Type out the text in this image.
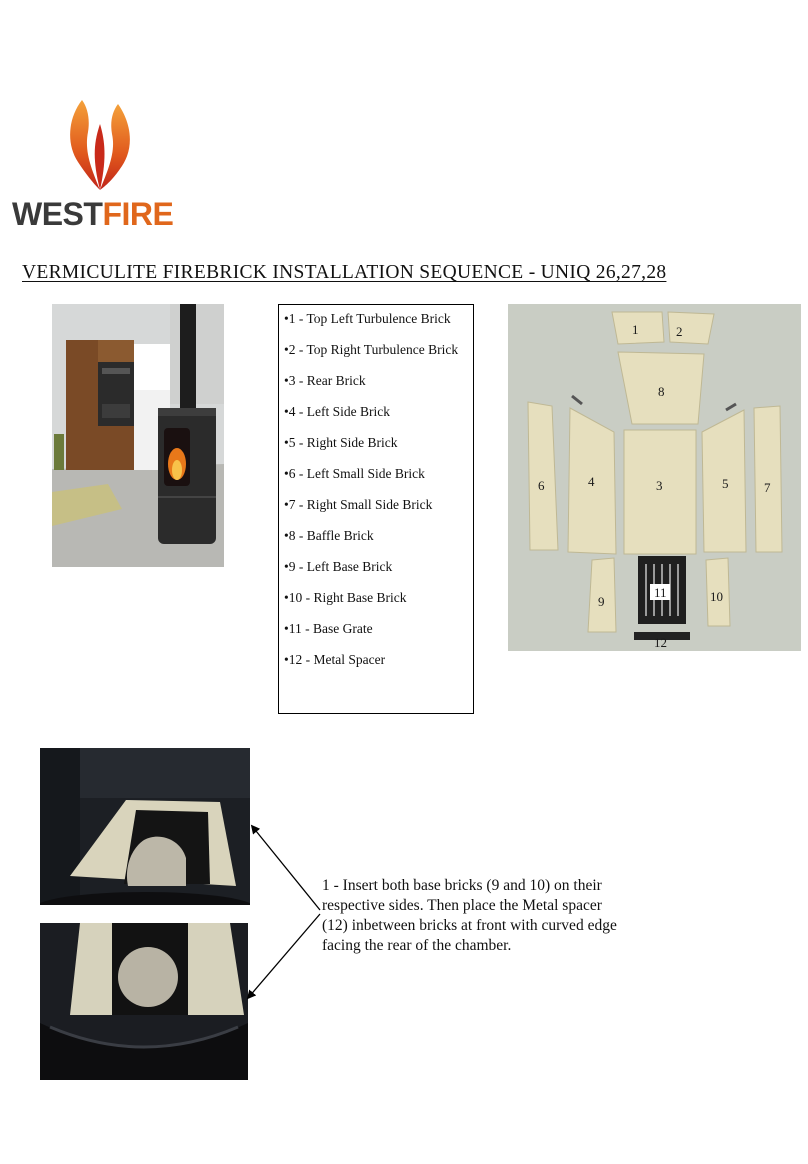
WESTFIRE
VERMICULITE FIREBRICK INSTALLATION SEQUENCE - UNIQ 26,27,28
•1 - Top Left Turbulence Brick
•2 - Top Right Turbulence Brick
•3 - Rear Brick
•4 - Left Side Brick
•5 - Right Side Brick
•6 - Left Small Side Brick
•7 - Right Small Side Brick
•8 - Baffle Brick
•9 - Left Base Brick
•10 - Right Base Brick
•11 - Base Grate
•12 - Metal Spacer
1	2
8
6	4	3	5	7
9
11	10
12
1 - Insert both base bricks (9 and 10) on their respective sides. Then place the Metal spacer (12) inbetween bricks at front with curved edge facing the rear of the chamber.
